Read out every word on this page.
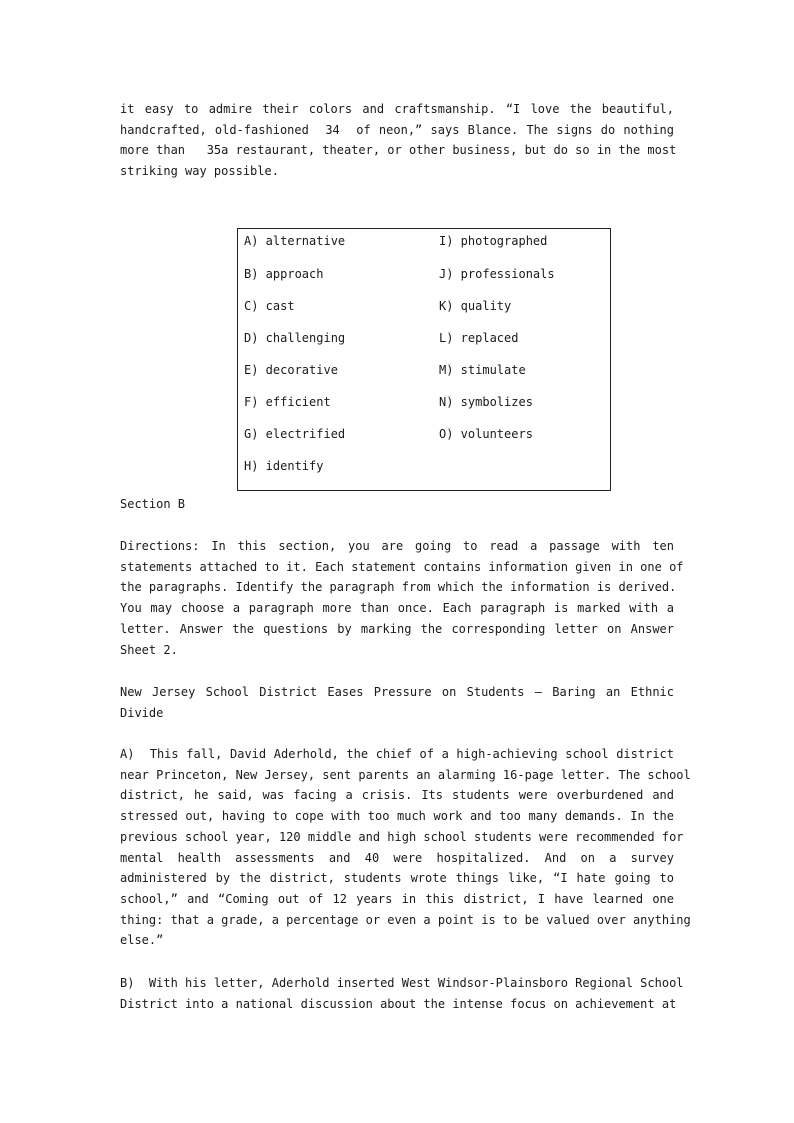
it easy to admire their colors and craftsmanship. “I love the beautiful,
handcrafted, old-fashioned  34  of neon,” says Blance. The signs do nothing
more than   35a restaurant, theater, or other business, but do so in the most
striking way possible.
A) alternative
B) approach
C) cast
D) challenging
E) decorative
F) efficient
G) electrified
H) identify
I) photographed
J) professionals
K) quality
L) replaced
M) stimulate
N) symbolizes
O) volunteers

Section B

Directions: In this section, you are going to read a passage with ten
statements attached to it. Each statement contains information given in one of
the paragraphs. Identify the paragraph from which the information is derived.
You may choose a paragraph more than once. Each paragraph is marked with a
letter. Answer the questions by marking the corresponding letter on Answer
Sheet 2.
New Jersey School District Eases Pressure on Students – Baring an Ethnic
Divide
A)  This fall, David Aderhold, the chief of a high-achieving school district
near Princeton, New Jersey, sent parents an alarming 16-page letter. The school
district, he said, was facing a crisis. Its students were overburdened and
stressed out, having to cope with too much work and too many demands. In the
previous school year, 120 middle and high school students were recommended for
mental health assessments and 40 were hospitalized. And on a survey
administered by the district, students wrote things like, “I hate going to
school,” and “Coming out of 12 years in this district, I have learned one
thing: that a grade, a percentage or even a point is to be valued over anything
else.”
B)  With his letter, Aderhold inserted West Windsor-Plainsboro Regional School
District into a national discussion about the intense focus on achievement at
